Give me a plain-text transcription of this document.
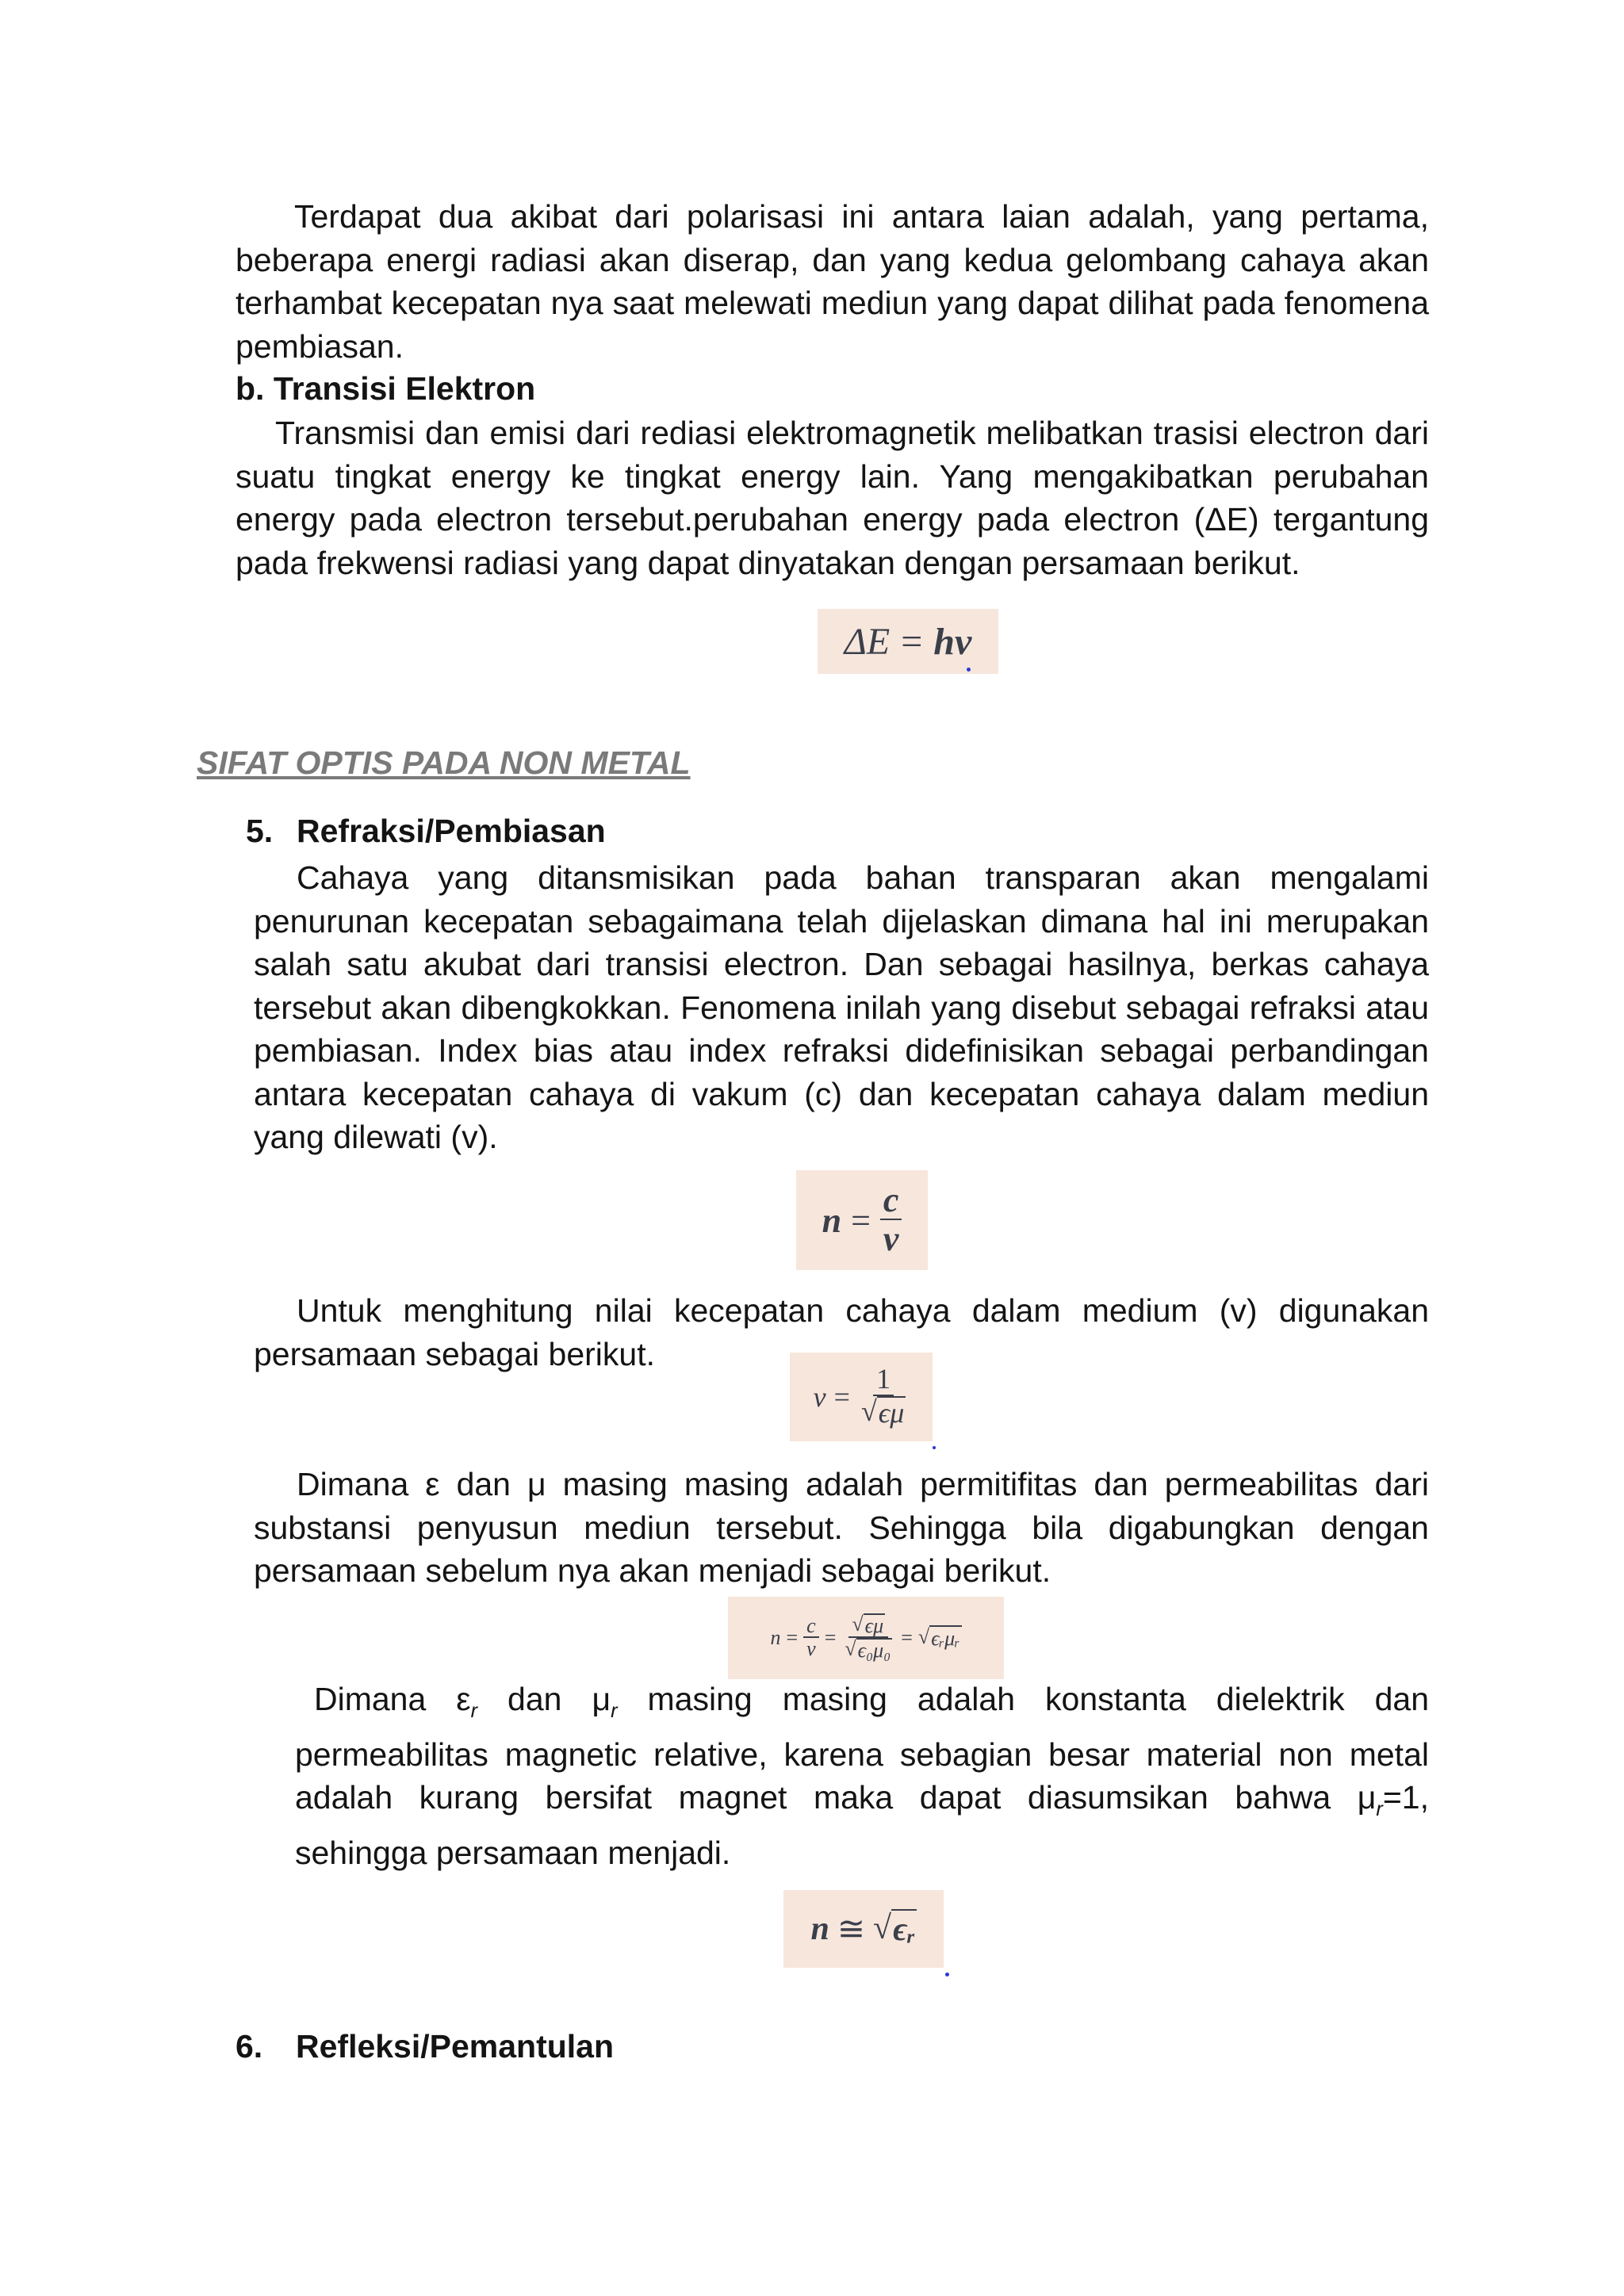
Terdapat dua akibat dari polarisasi ini antara laian adalah, yang pertama, beberapa energi radiasi akan diserap, dan yang kedua gelombang cahaya akan terhambat kecepatan nya saat melewati mediun yang dapat dilihat pada fenomena pembiasan.
b. Transisi Elektron
Transmisi dan emisi dari rediasi elektromagnetik melibatkan trasisi electron dari suatu tingkat energy ke tingkat energy lain. Yang mengakibatkan perubahan energy pada electron tersebut.perubahan energy pada electron (ΔE) tergantung pada frekwensi radiasi yang dapat dinyatakan dengan persamaan berikut.
ΔE = hν
SIFAT OPTIS PADA NON METAL
5. Refraksi/Pembiasan
Cahaya yang ditansmisikan pada bahan transparan akan mengalami penurunan kecepatan sebagaimana telah dijelaskan dimana hal ini merupakan salah satu akubat dari transisi electron. Dan sebagai hasilnya, berkas cahaya tersebut akan dibengkokkan. Fenomena inilah yang disebut sebagai refraksi atau pembiasan. Index bias atau index refraksi didefinisikan sebagai perbandingan antara kecepatan cahaya di vakum (c) dan kecepatan cahaya dalam mediun yang dilewati (v).
$n = \frac{c}{v}$
Untuk menghitung nilai kecepatan cahaya dalam medium (v) digunakan persamaan sebagai berikut.
$v = \frac{1}{√ \epsilon\mu}$
Dimana ε dan μ masing masing adalah permitifitas dan permeabilitas dari substansi penyusun mediun tersebut. Sehingga bila digabungkan dengan persamaan sebelum nya akan menjadi sebagai berikut.
$n = \frac{c}{v} = \frac{√ \epsilon\mu}{\text{√ ϵ₀μ₀}}$ = √ ϵᵣμᵣ
Dimana $\varepsilon_r$ dan $\mu_r$ masing masing adalah konstanta dielektrik dan permeabilitas magnetic relative, karena sebagian besar material non metal adalah kurang bersifat magnet maka dapat diasumsikan bahwa $\mu_r=1$, sehingga persamaan menjadi.
n ≅ √ ϵᵣ
6. Refleksi/Pemantulan
